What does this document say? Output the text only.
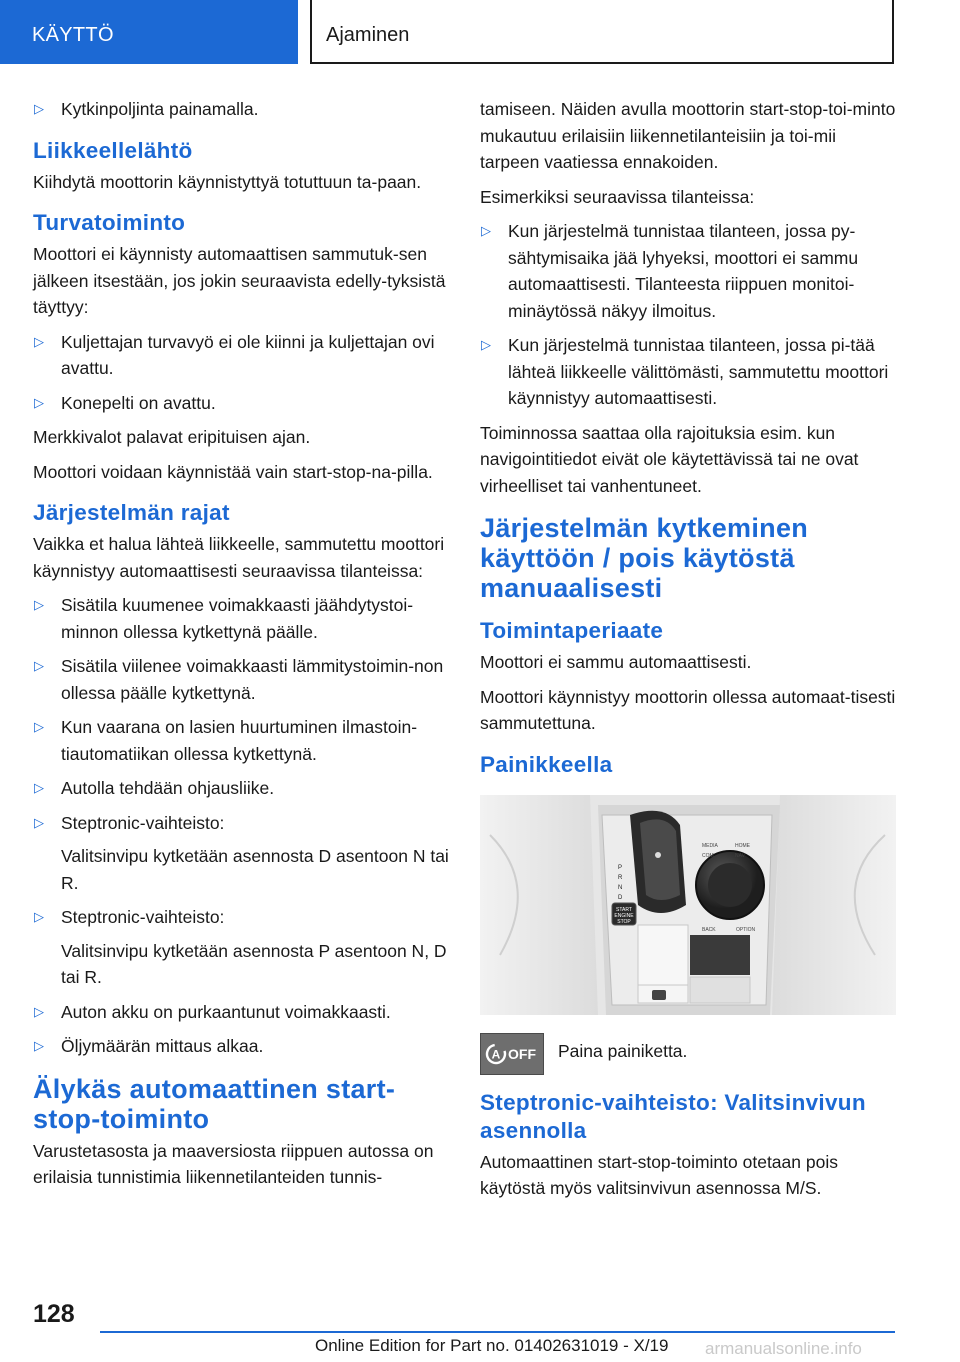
KÄYTTÖ	Ajaminen
▷ Kytkinpoljinta painamalla.
Liikkeellelähtö

Kiihdytä moottorin käynnistyttyä totuttuun ta-paan.

Turvatoiminto

Moottori ei käynnisty automaattisen sammutuk-sen jälkeen itsestään, jos jokin seuraavista edelly-tyksistä täyttyy:

▷ Kuljettajan turvavyö ei ole kiinni ja kuljettajan ovi avattu.
▷ Konepelti on avattu.

Merkkivalot palavat eripituisen ajan.

Moottori voidaan käynnistää vain start-stop-na-pilla.

Järjestelmän rajat

Vaikka et halua lähteä liikkeelle, sammutettu moottori käynnistyy automaattisesti seuraavissa tilanteissa:

▷ Sisätila kuumenee voimakkaasti jäähdytystoi-minnon ollessa kytkettynä päälle.
▷ Sisätila viilenee voimakkaasti lämmitystoimin-non ollessa päälle kytkettynä.
▷ Kun vaarana on lasien huurtuminen ilmastoin-tiautomatiikan ollessa kytkettynä.
▷ Autolla tehdään ohjausliike.
▷ Steptronic-vaihteisto:
Valitsinvipu kytketään asennosta D asentoon N tai R.
▷ Steptronic-vaihteisto:
Valitsinvipu kytketään asennosta P asentoon N, D tai R.
▷ Auton akku on purkaantunut voimakkaasti.
▷ Öljymäärän mittaus alkaa.
Älykäs automaattinen start-stop-toiminto

Varustetasosta ja maaversiosta riippuen autossa on erilaisia tunnistimia liikennetilanteiden tunnis-

tamiseen. Näiden avulla moottorin start-stop-toi-minto mukautuu erilaisiin liikennetilanteisiin ja toi-mii tarpeen vaatiessa ennakoiden.

Esimerkiksi seuraavissa tilanteissa:

▷ Kun järjestelmä tunnistaa tilanteen, jossa py-sähtymisaika jää lyhyeksi, moottori ei sammu automaattisesti. Tilanteesta riippuen monitoi-minäytössä näkyy ilmoitus.
▷ Kun järjestelmä tunnistaa tilanteen, jossa pi-tää lähteä liikkeelle välittömästi, sammutettu moottori käynnistyy automaattisesti.

Toiminnossa saattaa olla rajoituksia esim. kun navigointitiedot eivät ole käytettävissä tai ne ovat virheelliset tai vanhentuneet.

Järjestelmän kytkeminen käyttöön / pois käytöstä manuaalisesti
Toimintaperiaate

Moottori ei sammu automaattisesti.

Moottori käynnistyy moottorin ollessa automaat-tisesti sammutettuna.

Painikkeella
START
ENGINE
STOP
MEDIA	HOME
COM	NAV
BACK	OPTION
P
R
N
D
A OFF Paina painiketta.
Steptronic-vaihteisto: Valitsinvivun asennolla

Automaattinen start-stop-toiminto otetaan pois käytöstä myös valitsinvivun asennossa M/S.

128
Online Edition for Part no. 01402631019 - X/19 armanualsonline.info
